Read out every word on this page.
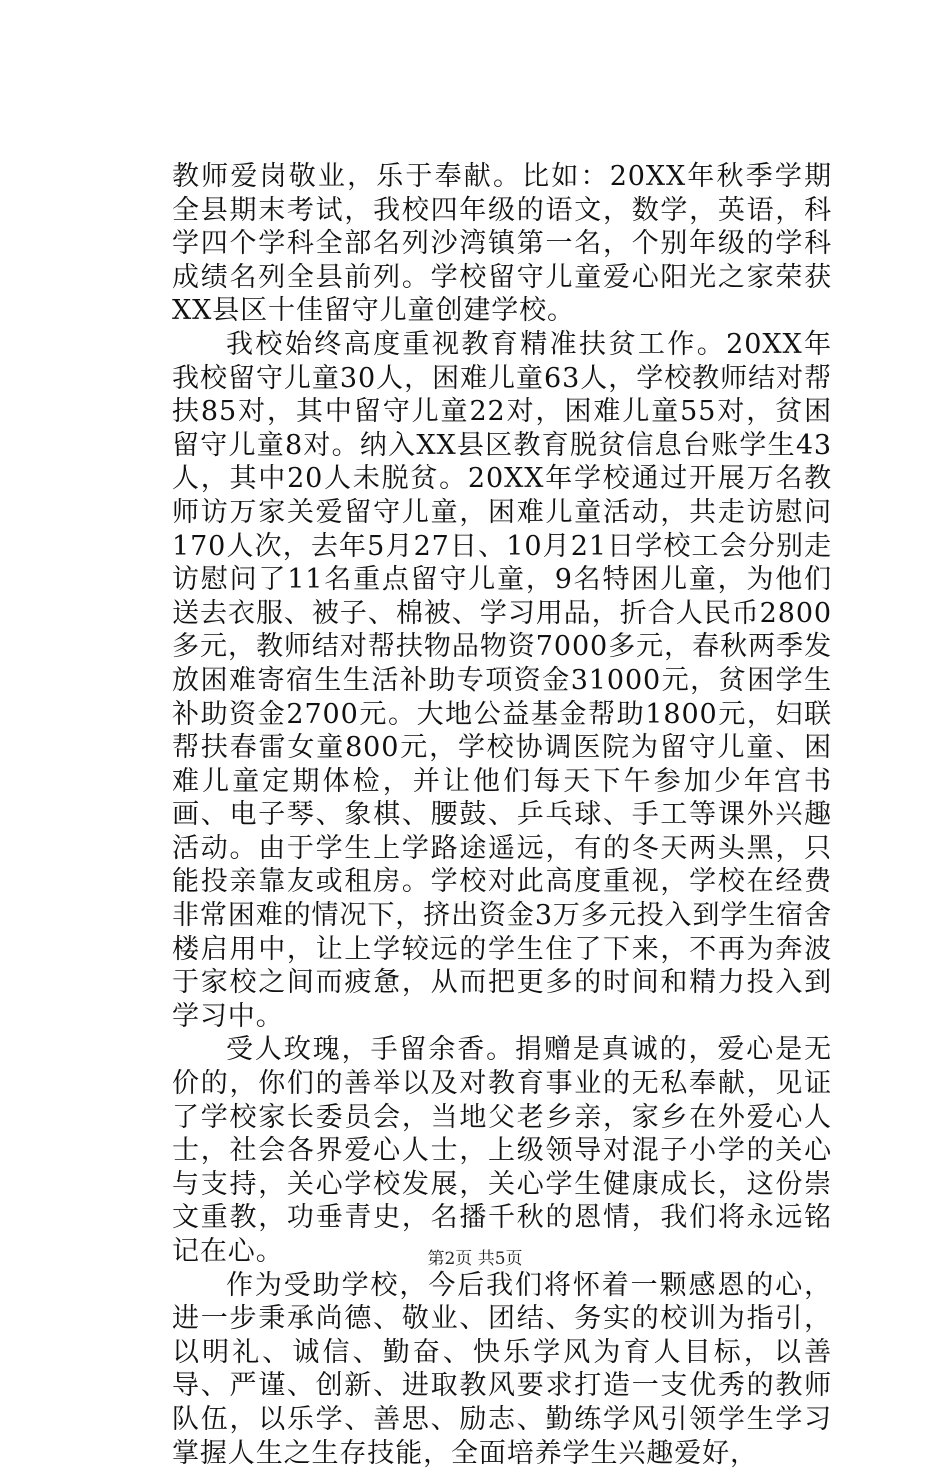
教师爱岗敬业，乐于奉献。比如：20XX年秋季学期全县期末考试，我校四年级的语文，数学，英语，科学四个学科全部名列沙湾镇第一名，个别年级的学科成绩名列全县前列。学校留守儿童爱心阳光之家荣获XX县区十佳留守儿童创建学校。

我校始终高度重视教育精准扶贫工作。20XX年我校留守儿童30人，困难儿童63人，学校教师结对帮扶85对，其中留守儿童22对，困难儿童55对，贫困留守儿童8对。纳入XX县区教育脱贫信息台账学生43人，其中20人未脱贫。20XX年学校通过开展万名教师访万家关爱留守儿童，困难儿童活动，共走访慰问170人次，去年5月27日、10月21日学校工会分别走访慰问了11名重点留守儿童，9名特困儿童，为他们送去衣服、被子、棉被、学习用品，折合人民币2800多元，教师结对帮扶物品物资7000多元，春秋两季发放困难寄宿生生活补助专项资金31000元，贫困学生补助资金2700元。大地公益基金帮助1800元，妇联帮扶春雷女童800元，学校协调医院为留守儿童、困难儿童定期体检，并让他们每天下午参加少年宫书画、电子琴、象棋、腰鼓、乒乓球、手工等课外兴趣活动。由于学生上学路途遥远，有的冬天两头黑，只能投亲靠友或租房。学校对此高度重视，学校在经费非常困难的情况下，挤出资金3万多元投入到学生宿舍楼启用中，让上学较远的学生住了下来，不再为奔波于家校之间而疲惫，从而把更多的时间和精力投入到学习中。

受人玫瑰，手留余香。捐赠是真诚的，爱心是无价的，你们的善举以及对教育事业的无私奉献，见证了学校家长委员会，当地父老乡亲，家乡在外爱心人士，社会各界爱心人士，上级领导对混子小学的关心与支持，关心学校发展，关心学生健康成长，这份崇文重教，功垂青史，名播千秋的恩情，我们将永远铭记在心。

作为受助学校，今后我们将怀着一颗感恩的心，进一步秉承尚德、敬业、团结、务实的校训为指引，以明礼、诚信、勤奋、快乐学风为育人目标，以善导、严谨、创新、进取教风要求打造一支优秀的教师队伍，以乐学、善思、励志、勤练学风引领学生学习掌握人生之生存技能，全面培养学生兴趣爱好，

第2页 共5页
